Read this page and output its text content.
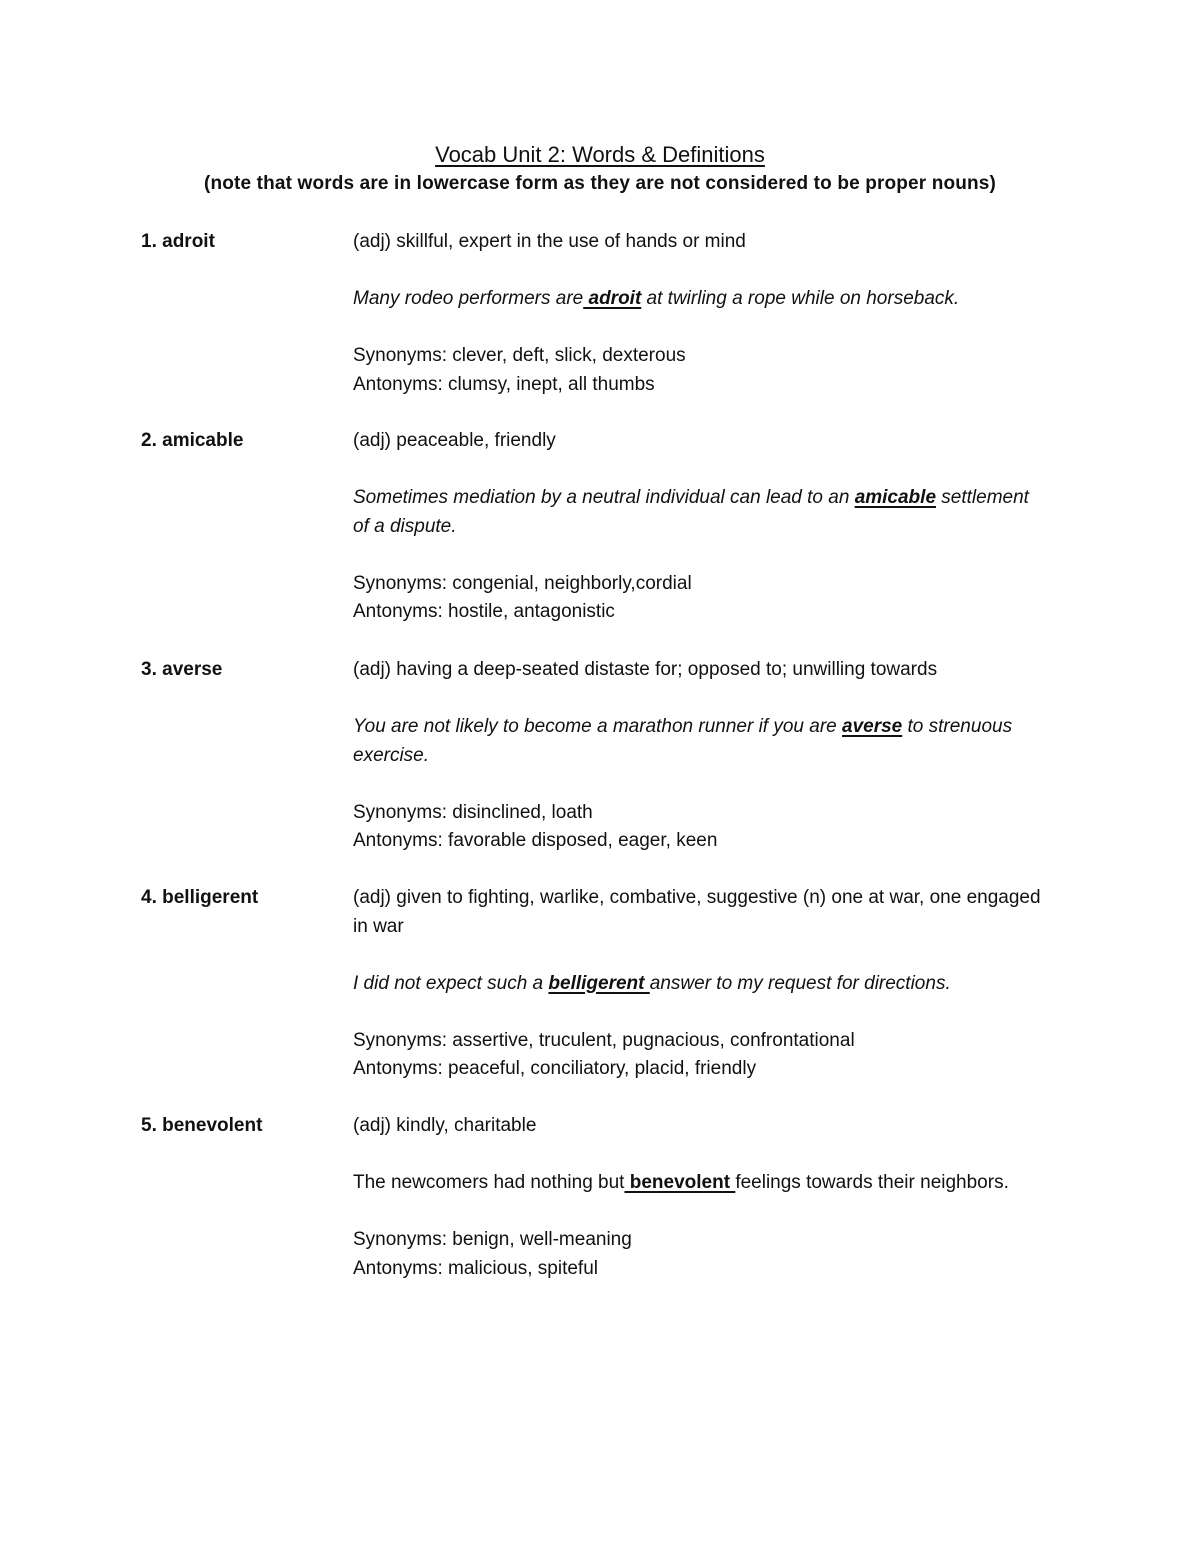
Vocab Unit 2: Words & Definitions
(note that words are in lowercase form as they are not considered to be proper nouns)
1. adroit	(adj) skillful, expert in the use of hands or mind

Many rodeo performers are adroit at twirling a rope while on horseback.

Synonyms: clever, deft, slick, dexterous

Antonyms: clumsy, inept, all thumbs

2. amicable	(adj) peaceable, friendly

Sometimes mediation by a neutral individual can lead to an amicable settlement of a dispute.

Synonyms: congenial, neighborly,cordial

Antonyms: hostile, antagonistic

3. averse	(adj) having a deep-seated distaste for; opposed to; unwilling towards

You are not likely to become a marathon runner if you are averse to strenuous exercise.

Synonyms: disinclined, loath

Antonyms: favorable disposed, eager, keen

4. belligerent	(adj) given to fighting, warlike, combative, suggestive (n) one at war, one engaged in war

I did not expect such a belligerent answer to my request for directions.

Synonyms: assertive, truculent, pugnacious, confrontational

Antonyms: peaceful, conciliatory, placid, friendly

5. benevolent	(adj) kindly, charitable

The newcomers had nothing but benevolent feelings towards their neighbors.

Synonyms: benign, well-meaning

Antonyms: malicious, spiteful
